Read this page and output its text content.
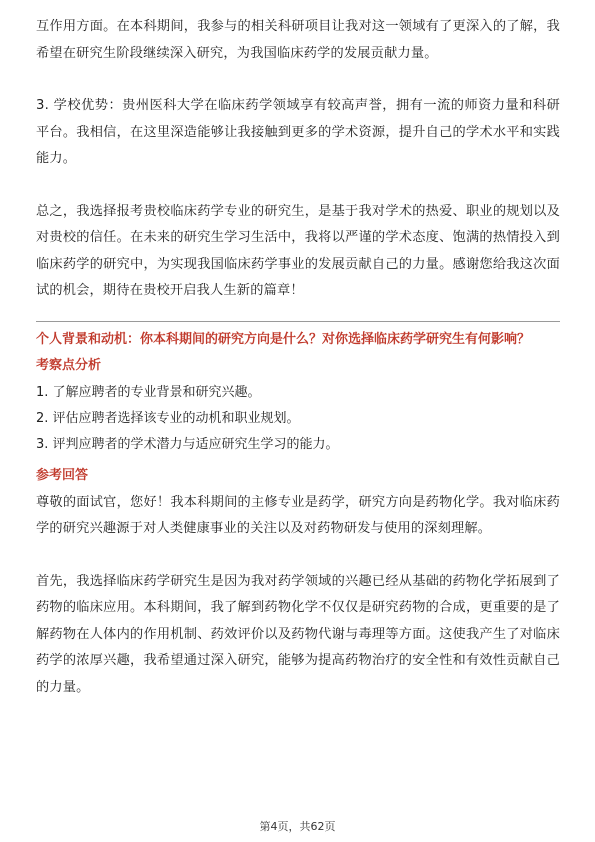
互作用方面。在本科期间，我参与的相关科研项目让我对这一领域有了更深入的了解，我希望在研究生阶段继续深入研究，为我国临床药学的发展贡献力量。

3. 学校优势：贵州医科大学在临床药学领域享有较高声誉，拥有一流的师资力量和科研平台。我相信，在这里深造能够让我接触到更多的学术资源，提升自己的学术水平和实践能力。

总之，我选择报考贵校临床药学专业的研究生，是基于我对学术的热爱、职业的规划以及对贵校的信任。在未来的研究生学习生活中，我将以严谨的学术态度、饱满的热情投入到临床药学的研究中，为实现我国临床药学事业的发展贡献自己的力量。感谢您给我这次面试的机会，期待在贵校开启我人生新的篇章！

个人背景和动机：你本科期间的研究方向是什么？对你选择临床药学研究生有何影响？

考察点分析

1. 了解应聘者的专业背景和研究兴趣。

2. 评估应聘者选择该专业的动机和职业规划。

3. 评判应聘者的学术潜力与适应研究生学习的能力。

参考回答

尊敬的面试官，您好！我本科期间的主修专业是药学，研究方向是药物化学。我对临床药学的研究兴趣源于对人类健康事业的关注以及对药物研发与使用的深刻理解。

首先，我选择临床药学研究生是因为我对药学领域的兴趣已经从基础的药物化学拓展到了药物的临床应用。本科期间，我了解到药物化学不仅仅是研究药物的合成，更重要的是了解药物在人体内的作用机制、药效评价以及药物代谢与毒理等方面。这使我产生了对临床药学的浓厚兴趣，我希望通过深入研究，能够为提高药物治疗的安全性和有效性贡献自己的力量。

第4页，共62页
